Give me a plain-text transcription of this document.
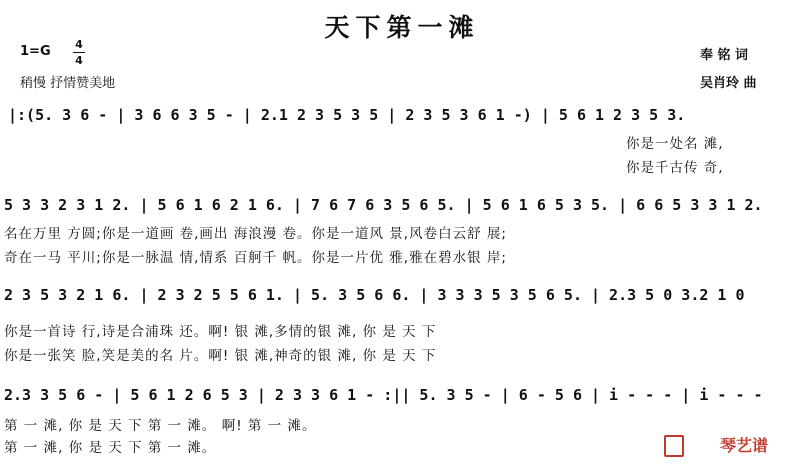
天下第一滩
1=G 4
4
稍慢 抒情赞美地
奉 铭 词
吴肖玲 曲
|:(5. 3 6 - | 3 6 6 3 5 - | 2.1 2 3 5 3 5 | 2 3 5 3 6 1 -) | 5 6 1 2 3 5 3.
你是一处名 滩,
你是千古传 奇,
5 3 3 2 3 1 2. | 5 6 1 6 2 1 6. | 7 6 7 6 3 5 6 5. | 5 6 1 6 5 3 5. | 6 6 5 3 3 1 2.
名在万里 方圆;你是一道画 卷,画出 海浪漫 卷。你是一道风 景,风卷白云舒 展;
奇在一马 平川;你是一脉温 情,情系 百舸千 帆。你是一片优 雅,雅在碧水银 岸;
2 3 5 3 2 1 6. | 2 3 2 5 5 6 1. | 5. 3 5 6 6. | 3 3 3 5 3 5 6 5. | 2.3 5 0 3.2 1 0
你是一首诗 行,诗是合浦珠 还。啊! 银 滩,多情的银 滩, 你 是 天 下
你是一张笑 脸,笑是美的名 片。啊! 银 滩,神奇的银 滩, 你 是 天 下
2.3 3 5 6 - | 5 6 1 2 6 5 3 | 2 3 3 6 1 - :|| 5. 3 5 - | 6 - 5 6 | i - - - | i - - -
第 一 滩, 你 是 天 下 第 一 滩。 啊! 第 一 滩。
第 一 滩, 你 是 天 下 第 一 滩。	琴艺谱
